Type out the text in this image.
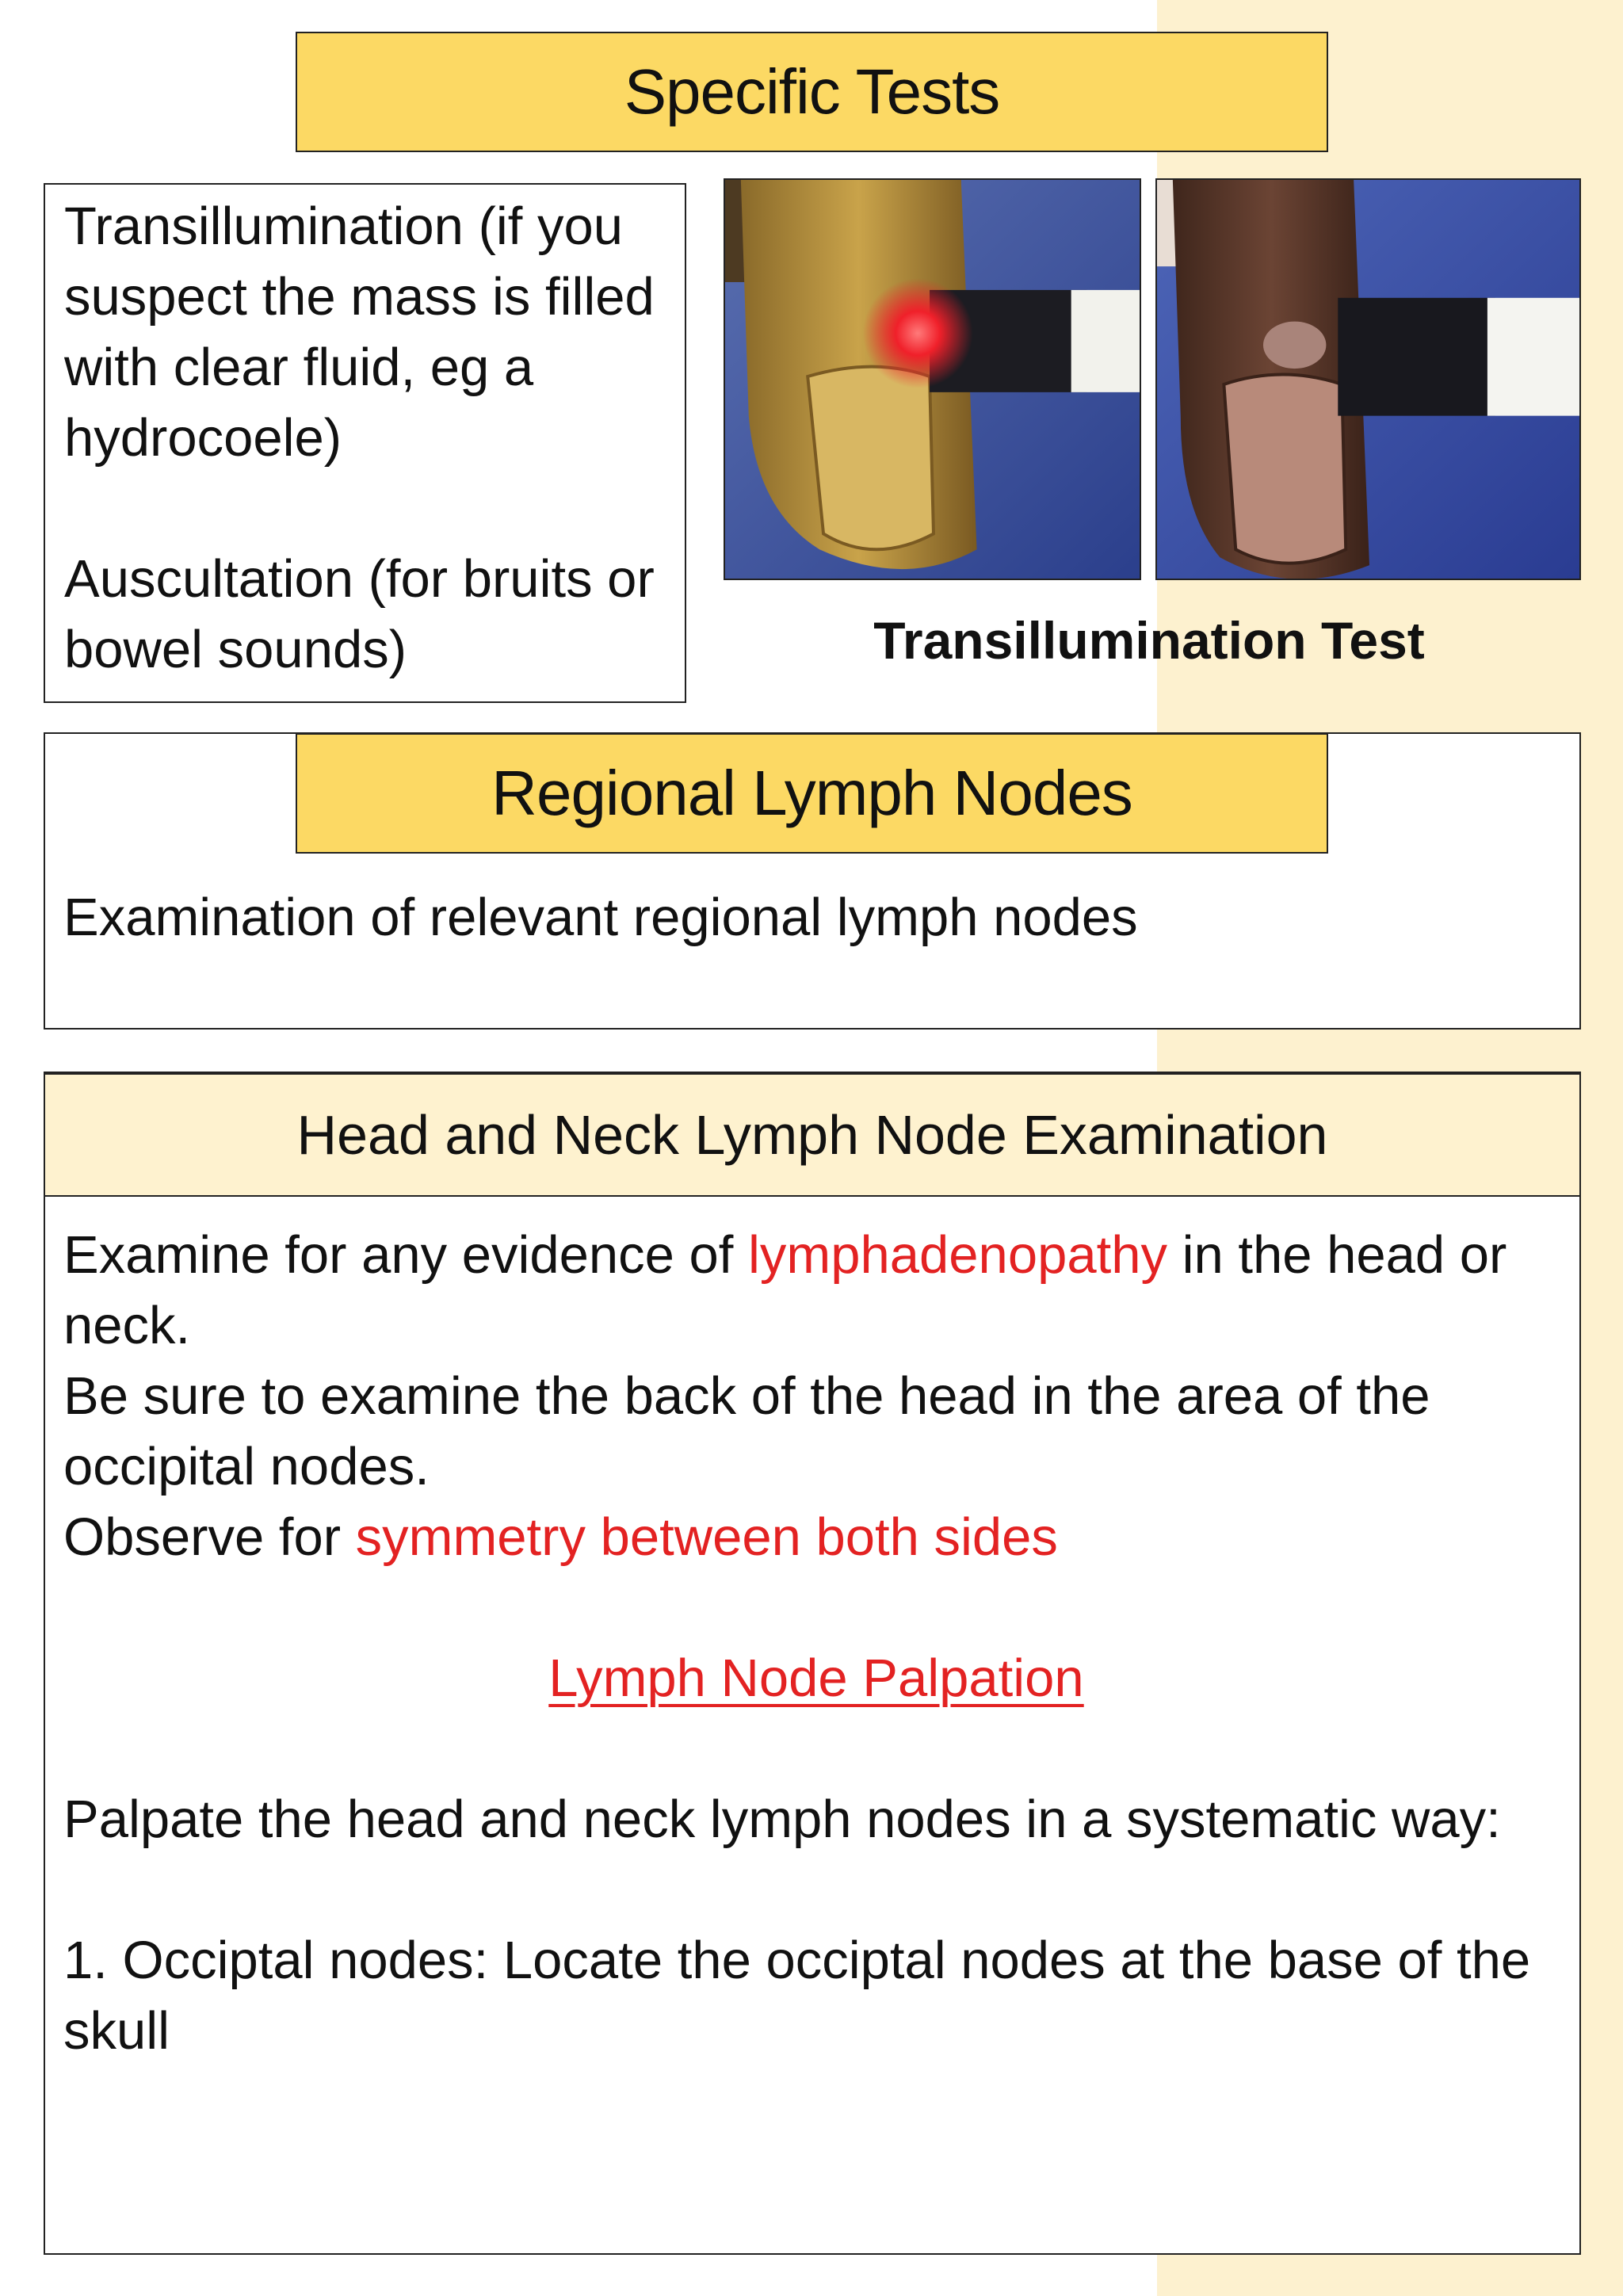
Specific Tests
Transillumination (if you suspect the mass is filled with clear fluid, eg a hydrocoele)
Auscultation (for bruits or bowel sounds)	Transillumination Test
Regional Lymph Nodes
Examination of relevant regional lymph nodes
Head and Neck Lymph Node Examination
Examine for any evidence of lymphadenopathy in the head or neck.
Be sure to examine the back of the head in the area of the occipital nodes.
Observe for symmetry between both sides
Lymph Node Palpation
Palpate the head and neck lymph nodes in a systematic way:
1. Occiptal nodes: Locate the occiptal nodes at the base of the skull
